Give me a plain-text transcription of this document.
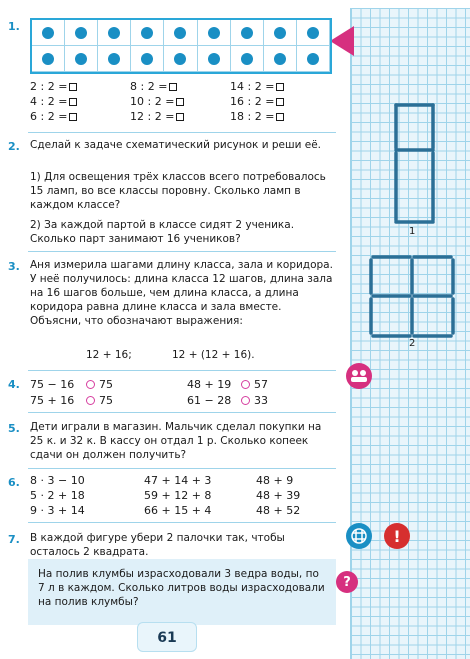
1
2
!
?
1.
2 : 2 =	8 : 2 =	14 : 2 =
4 : 2 =	10 : 2 =	16 : 2 =
6 : 2 =	12 : 2 =	18 : 2 =
2. Сделай к задаче схематический рисунок и реши её.
1) Для освещения трёх классов всего потребовалось 15 ламп, во все классы поровну. Сколько ламп в каждом классе?
2) За каждой партой в классе сидят 2 ученика. Сколько парт занимают 16 учеников?
3. Аня измерила шагами длину класса, зала и коридора. У неё получилось: длина класса 12 шагов, длина зала на 16 шагов больше, чем длина класса, а длина коридора равна длине класса и зала вместе. Объясни, что обозначают выражения:
12 + 16;	12 + (12 + 16).
4. 75 − 16	75	48 + 19	57
75 + 16	75	61 − 28	33
5. Дети играли в магазин. Мальчик сделал покупки на 25 к. и 32 к. В кассу он отдал 1 р. Сколько копеек сдачи он должен получить?
6. 8 · 3 − 10	47 + 14 + 3	48 + 9
5 · 2 + 18	59 + 12 + 8	48 + 39
9 · 3 + 14	66 + 15 + 4	48 + 52
7. В каждой фигуре убери 2 палочки так, чтобы осталось 2 квадрата.
На полив клумбы израсходовали 3 ведра воды, по 7 л в каждом. Сколько литров воды израсходовали на полив клумбы?
61
